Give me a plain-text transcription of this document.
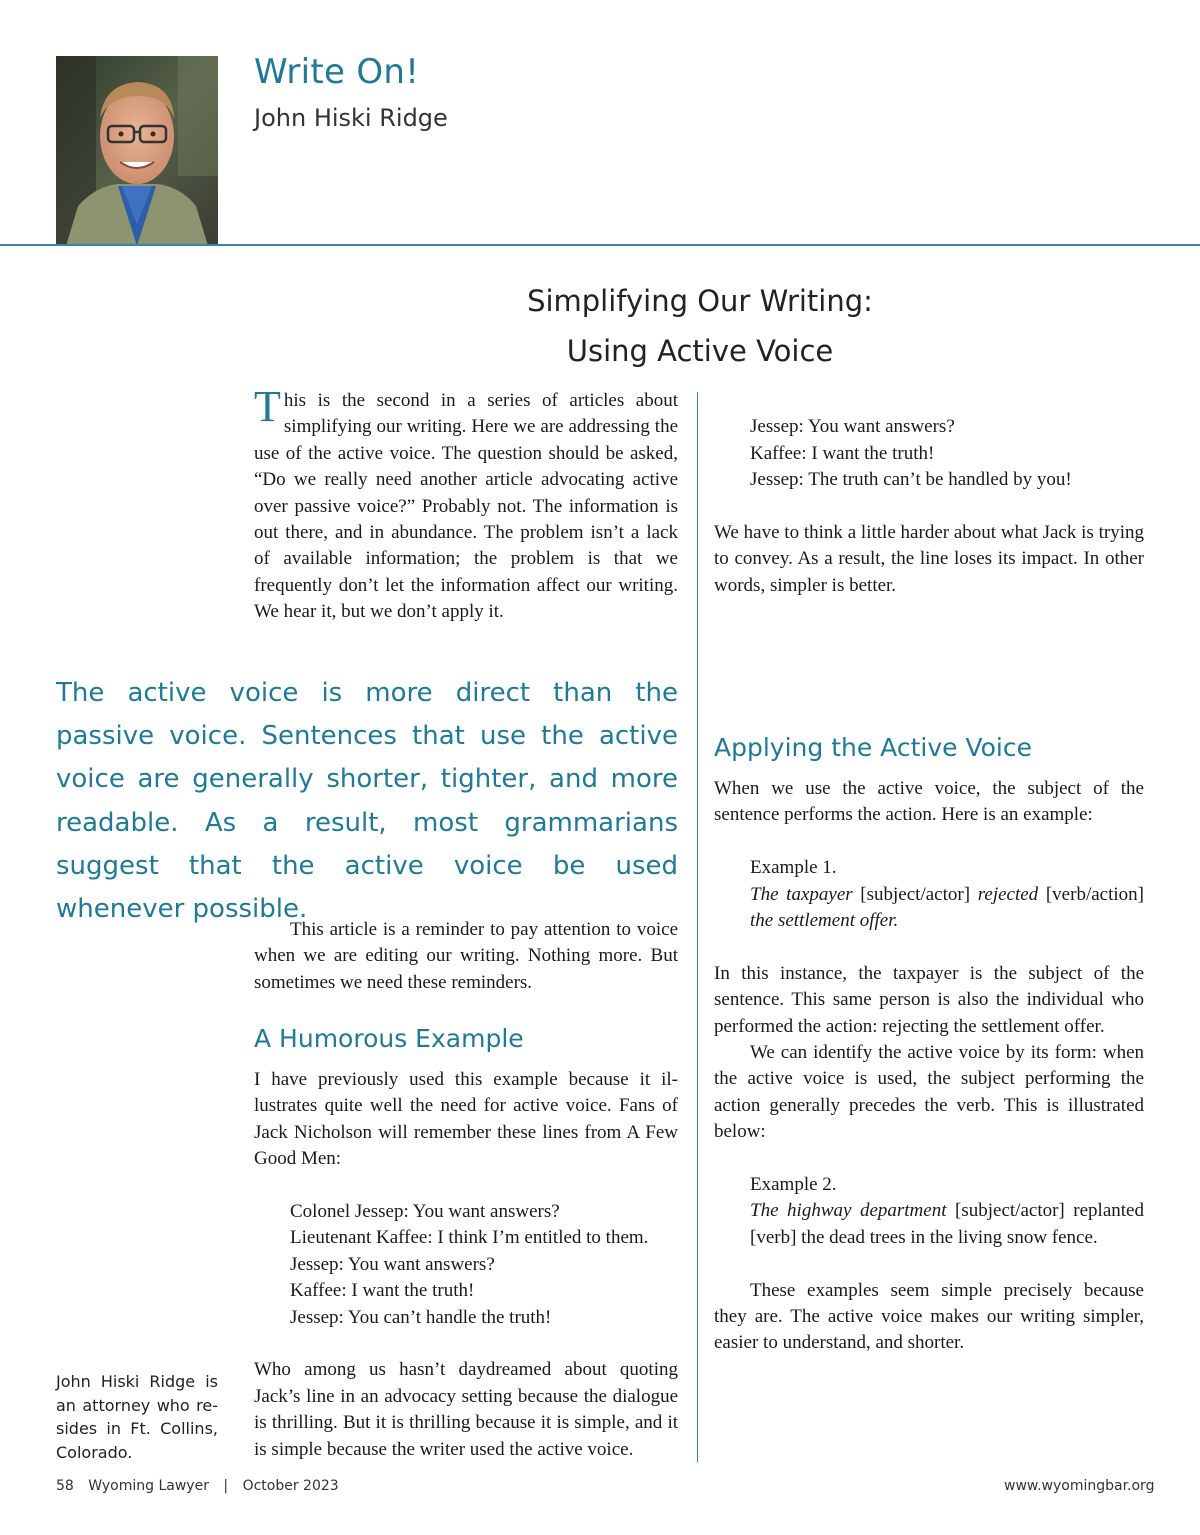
Write On!
John Hiski Ridge
Simplifying Our Writing:
Using Active Voice
This is the second in a series of articles about simplifying our writing. Here we are addressing the use of the active voice. The question should be asked, “Do we really need another article advocating active over passive voice?” Probably not. The information is out there, and in abundance. The problem isn’t a lack of available information; the problem is that we frequently don’t let the information affect our writing. We hear it, but we don’t apply it.
The active voice is more direct than the passive voice. Sentences that use the active voice are generally shorter, tighter, and more readable. As a result, most grammarians suggest that the active voice be used whenever possible.

This article is a reminder to pay attention to voice when we are editing our writing. Nothing more. But sometimes we need these reminders.

A Humorous Example

I have previously used this example because it illustrates quite well the need for active voice. Fans of Jack Nicholson will remember these lines from A Few Good Men:

Colonel Jessep: You want answers?

Lieutenant Kaffee: I think I’m entitled to them.

Jessep: You want answers?

Kaffee: I want the truth!

Jessep: You can’t handle the truth!

Who among us hasn’t daydreamed about quoting Jack’s line in an advocacy setting because the dialogue is thrilling. But it is thrilling because it is simple, and it is simple because the writer used the active voice.

Jessep: You want answers?

Kaffee: I want the truth!

Jessep: The truth can’t be handled by you!

We have to think a little harder about what Jack is trying to convey. As a result, the line loses its impact. In other words, simpler is better.

Applying the Active Voice

When we use the active voice, the subject of the sentence performs the action. Here is an example:

Example 1.

The taxpayer [subject/actor] rejected [verb/action] the settlement offer.

In this instance, the taxpayer is the subject of the sentence. This same person is also the individual who performed the action: rejecting the settlement offer.

We can identify the active voice by its form: when the active voice is used, the subject performing the action generally precedes the verb. This is illustrated below:

Example 2.

The highway department [subject/actor] replanted [verb] the dead trees in the living snow fence.

These examples seem simple precisely because they are. The active voice makes our writing simpler, easier to understand, and shorter.

John Hiski Ridge is an attorney who resides in Ft. Collins, Colorado.
58 Wyoming Lawyer | October 2023	www.wyomingbar.org
